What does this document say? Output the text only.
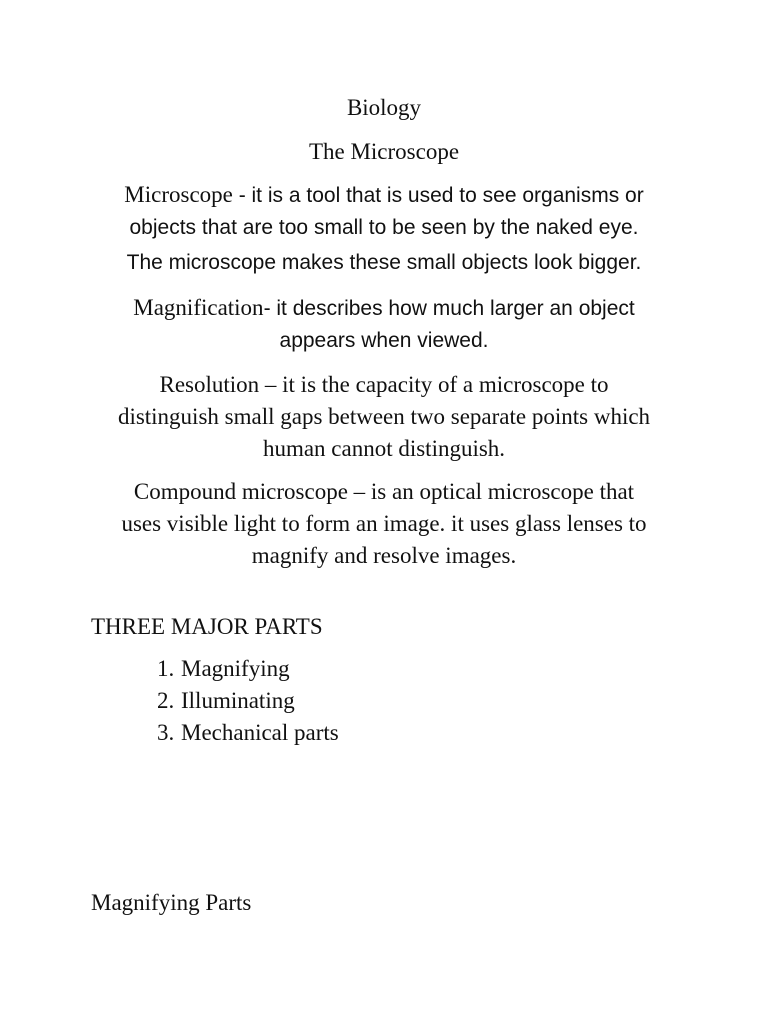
Biology
The Microscope
Microscope - it is a tool that is used to see organisms or
objects that are too small to be seen by the naked eye.
The microscope makes these small objects look bigger.
Magnification- it describes how much larger an object
appears when viewed.
Resolution – it is the capacity of a microscope to
distinguish small gaps between two separate points which
human cannot distinguish.
Compound microscope – is an optical microscope that
uses visible light to form an image. it uses glass lenses to
magnify and resolve images.
THREE MAJOR PARTS
1. Magnifying
2. Illuminating
3. Mechanical parts
Magnifying Parts
